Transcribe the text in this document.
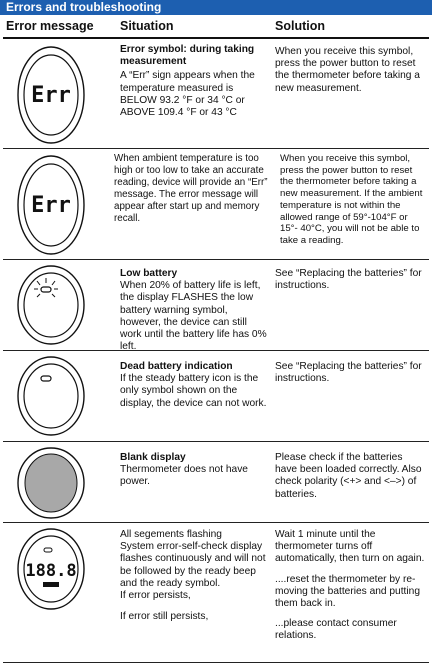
Errors and troubleshooting
Error message Situation	Solution
Err
Error symbol: during taking measurement

A “Err” sign appears when the temperature measured is BELOW 93.2 °F or 34 °C or ABOVE 109.4 °F or 43 °C

When you receive this symbol, press the power button to reset the thermometer before taking a new measurement.

Err

When ambient temperature is too high or too low to take an accurate reading, device will provide an “Err” message. The error message will appear after start up and memory recall.

When you receive this symbol, press the power button to reset the thermometer before taking a new measurement. If the ambient temperature is not within the allowed range of 59°-104°F or 15°- 40°C, you will not be able to take a reading.

Low battery

When 20% of battery life is left, the display FLASHES the low battery warning symbol, however, the device can still work until the battery life has 0% left.

See “Replacing the batteries” for instructions.

Dead battery indication

If the steady battery icon is the only symbol shown on the display, the device can not work.

See “Replacing the batteries” for instructions.

Blank display

Thermometer does not have power.

Please check if the batteries have been loaded correctly. Also check polarity (<+> and <–>) of batteries.

188.8

All segements flashing

System error-self-check display flashes continuously and will not be followed by the ready beep and the ready symbol.

If error persists,

If error still persists,

Wait 1 minute until the thermometer turns off automatically, then turn on again.

....reset the thermometer by re-moving the batteries and putting them back in.

...please contact consumer relations.
